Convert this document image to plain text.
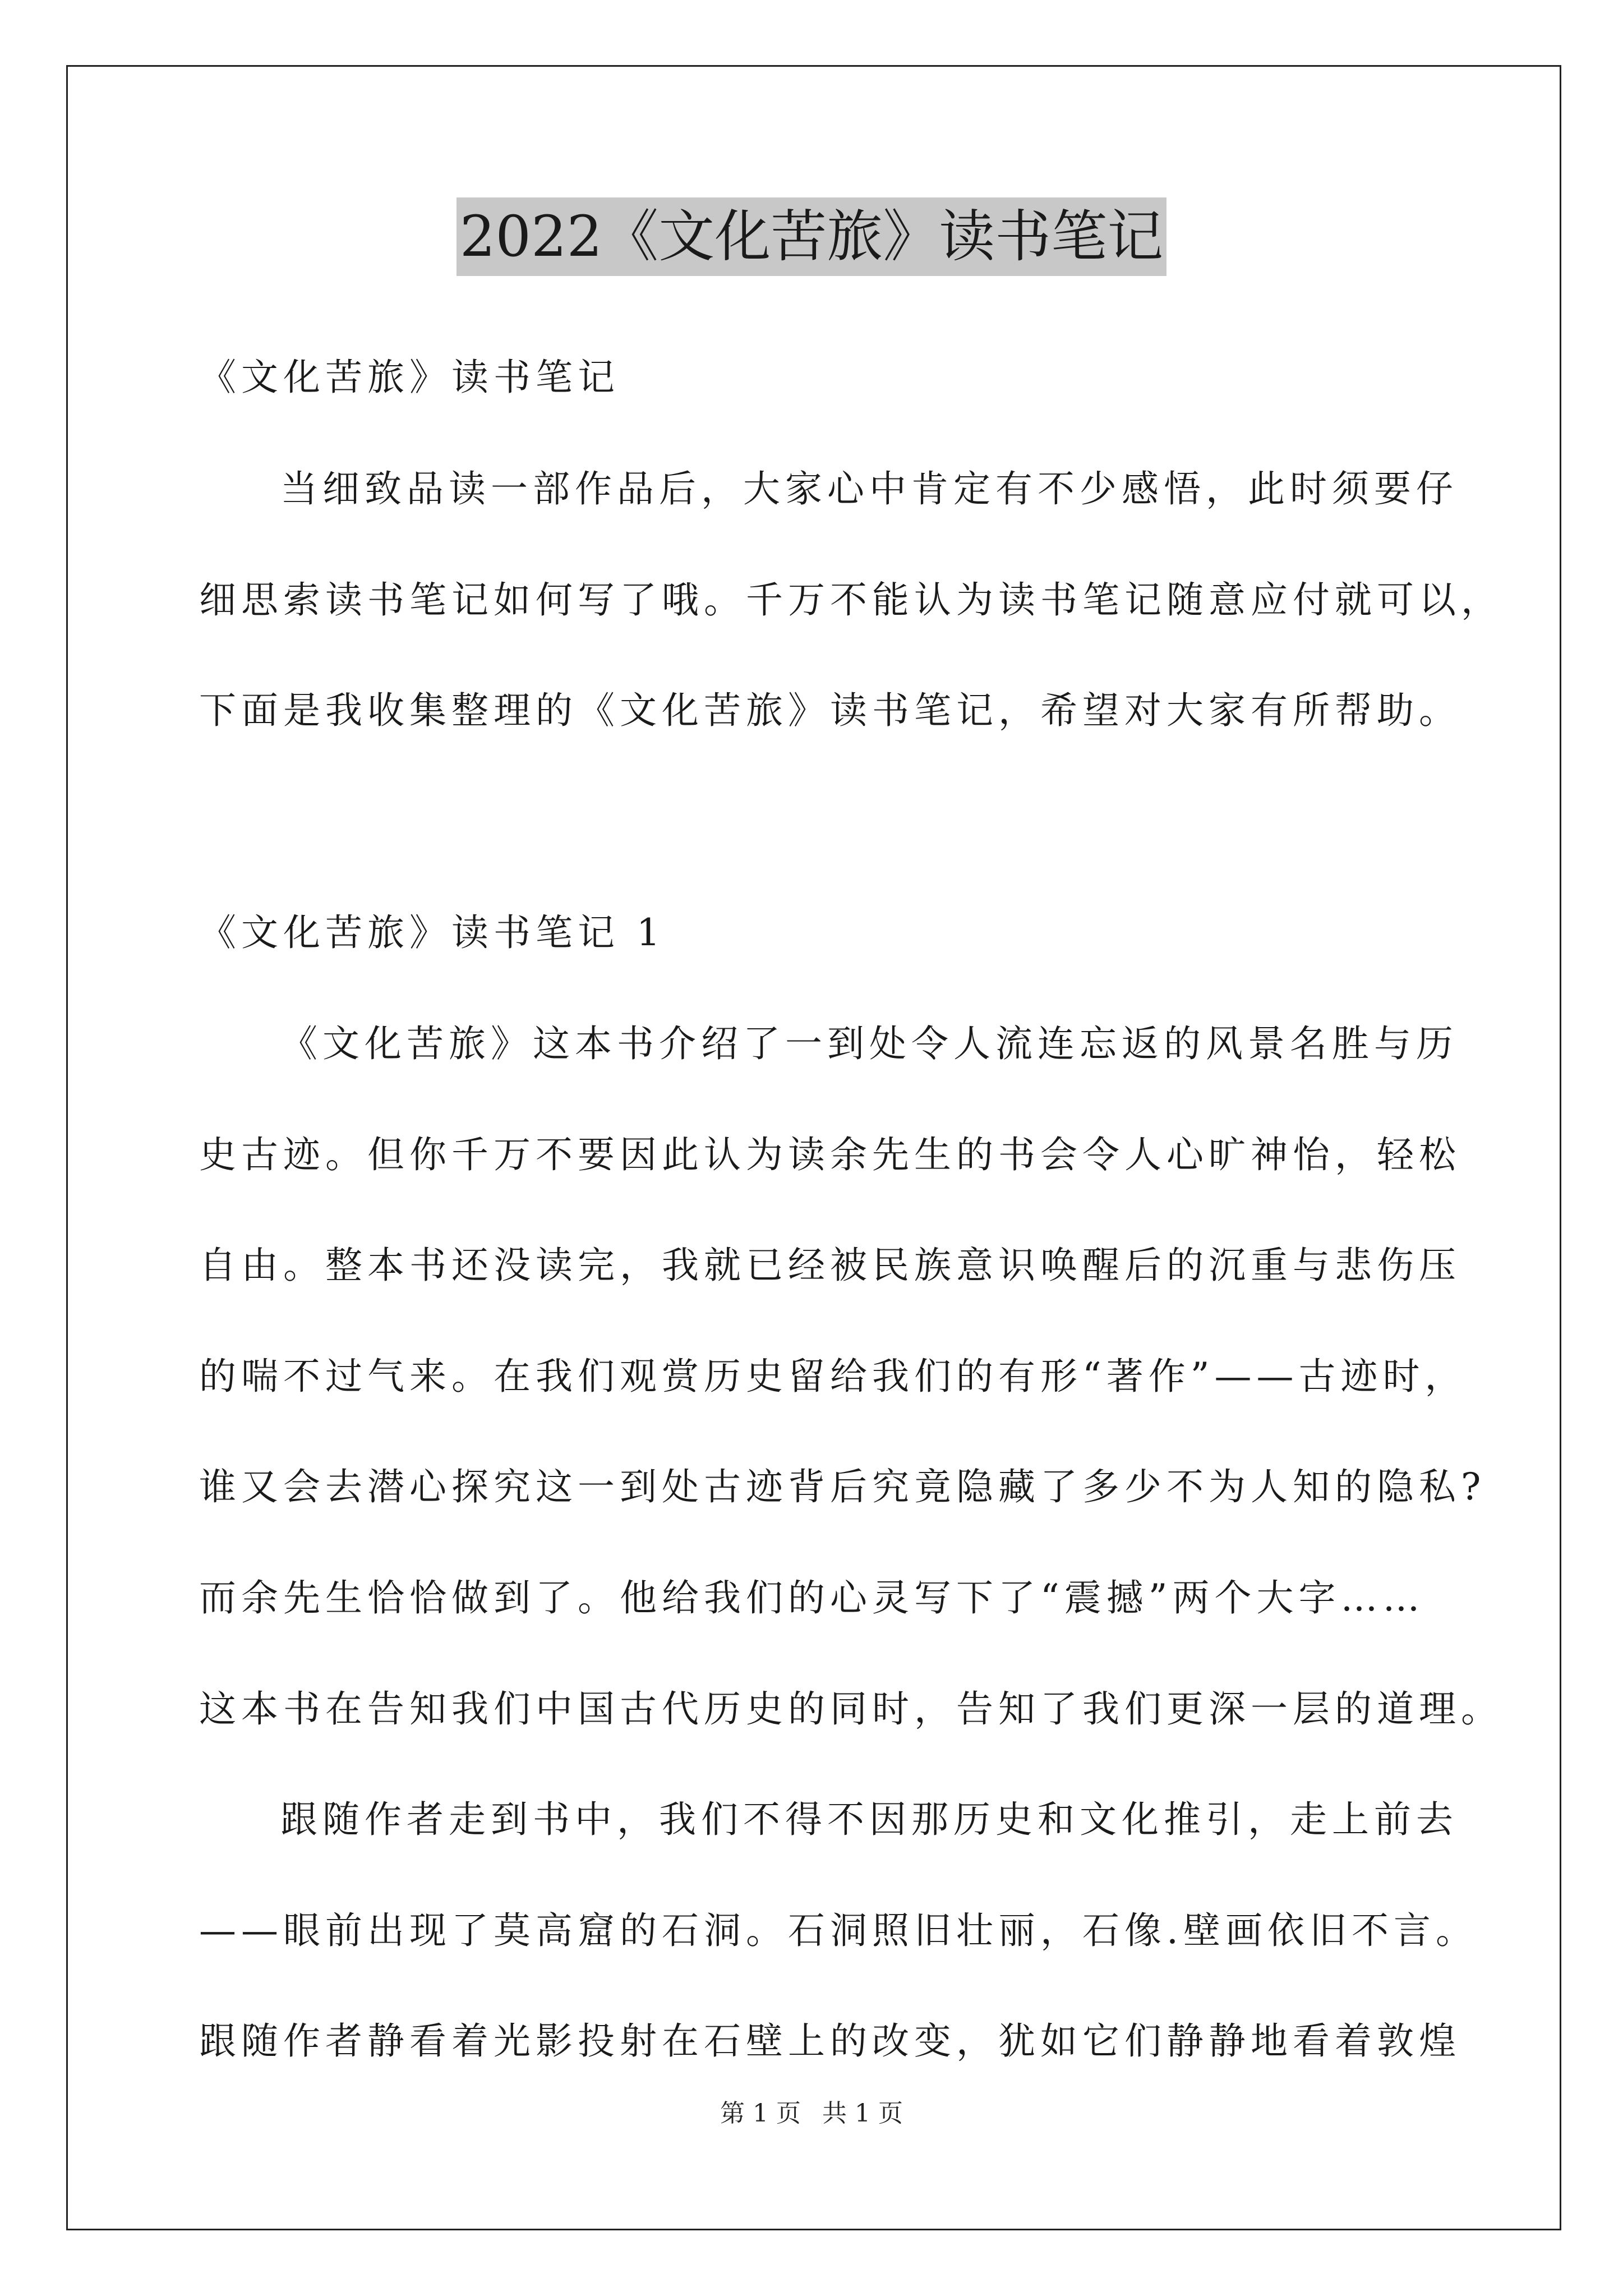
2022《文化苦旅》读书笔记
《文化苦旅》读书笔记
当细致品读一部作品后，大家心中肯定有不少感悟，此时须要仔
细思索读书笔记如何写了哦。千万不能认为读书笔记随意应付就可以，
下面是我收集整理的《文化苦旅》读书笔记，希望对大家有所帮助。
《文化苦旅》读书笔记 1
《文化苦旅》这本书介绍了一到处令人流连忘返的风景名胜与历
史古迹。但你千万不要因此认为读余先生的书会令人心旷神怡，轻松
自由。整本书还没读完，我就已经被民族意识唤醒后的沉重与悲伤压
的喘不过气来。在我们观赏历史留给我们的有形“著作”——古迹时，
谁又会去潜心探究这一到处古迹背后究竟隐藏了多少不为人知的隐私?
而余先生恰恰做到了。他给我们的心灵写下了“震撼”两个大字……
这本书在告知我们中国古代历史的同时，告知了我们更深一层的道理。
跟随作者走到书中，我们不得不因那历史和文化推引，走上前去
——眼前出现了莫高窟的石洞。石洞照旧壮丽，石像.壁画依旧不言。
跟随作者静看着光影投射在石壁上的改变，犹如它们静静地看着敦煌
第 1 页 共 1 页
